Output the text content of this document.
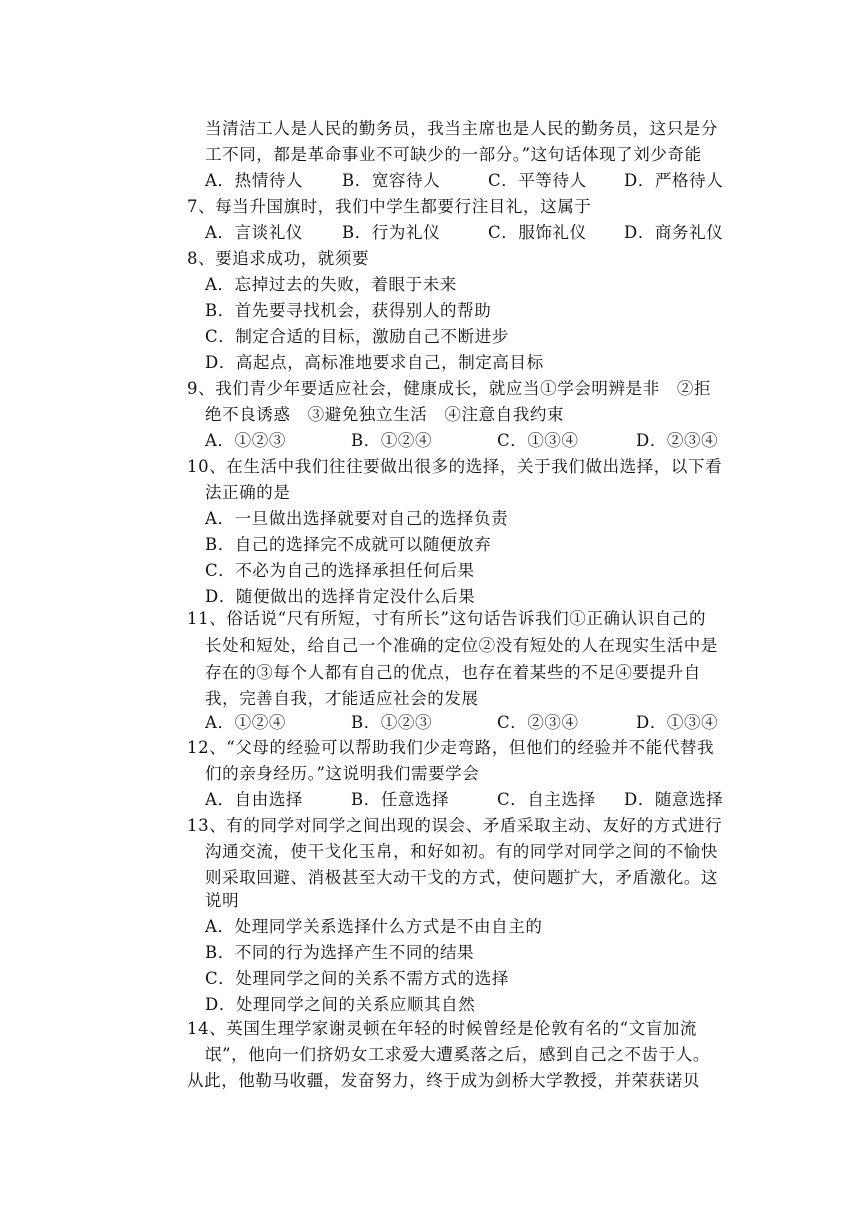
当清洁工人是人民的勤务员，我当主席也是人民的勤务员，这只是分
工不同，都是革命事业不可缺少的一部分。”这句话体现了刘少奇能
A．热情待人 B．宽容待人	C．平等待人 D．严格待人
7、每当升国旗时，我们中学生都要行注目礼，这属于
A．言谈礼仪 B．行为礼仪	C．服饰礼仪 D．商务礼仪
8、要追求成功，就须要
A．忘掉过去的失败，着眼于未来
B．首先要寻找机会，获得别人的帮助
C．制定合适的目标，激励自己不断进步
D．高起点，高标准地要求自己，制定高目标
9、我们青少年要适应社会，健康成长，就应当①学会明辨是非　②拒
绝不良诱惑　③避免独立生活　④注意自我约束
A．①②③	B．①②④	C．①③④	D．②③④
10、在生活中我们往往要做出很多的选择，关于我们做出选择，以下看
法正确的是
A．一旦做出选择就要对自己的选择负责
B．自己的选择完不成就可以随便放弃
C．不必为自己的选择承担任何后果
D．随便做出的选择肯定没什么后果
11、俗话说“尺有所短，寸有所长”这句话告诉我们①正确认识自己的
长处和短处，给自己一个准确的定位②没有短处的人在现实生活中是
存在的③每个人都有自己的优点，也存在着某些的不足④要提升自
我，完善自我，才能适应社会的发展
A．①②④	B．①②③	C．②③④	D．①③④
12、“父母的经验可以帮助我们少走弯路，但他们的经验并不能代替我
们的亲身经历。”这说明我们需要学会
A．自由选择	B．任意选择	C．自主选择 D．随意选择
13、有的同学对同学之间出现的误会、矛盾采取主动、友好的方式进行
沟通交流，使干戈化玉帛，和好如初。有的同学对同学之间的不愉快
则采取回避、消极甚至大动干戈的方式，使问题扩大，矛盾激化。这
说明
A．处理同学关系选择什么方式是不由自主的
B．不同的行为选择产生不同的结果
C．处理同学之间的关系不需方式的选择
D．处理同学之间的关系应顺其自然
14、英国生理学家谢灵顿在年轻的时候曾经是伦敦有名的“文盲加流
氓”，他向一们挤奶女工求爱大遭奚落之后，感到自己之不齿于人。
从此，他勒马收疆，发奋努力，终于成为剑桥大学教授，并荣获诺贝
